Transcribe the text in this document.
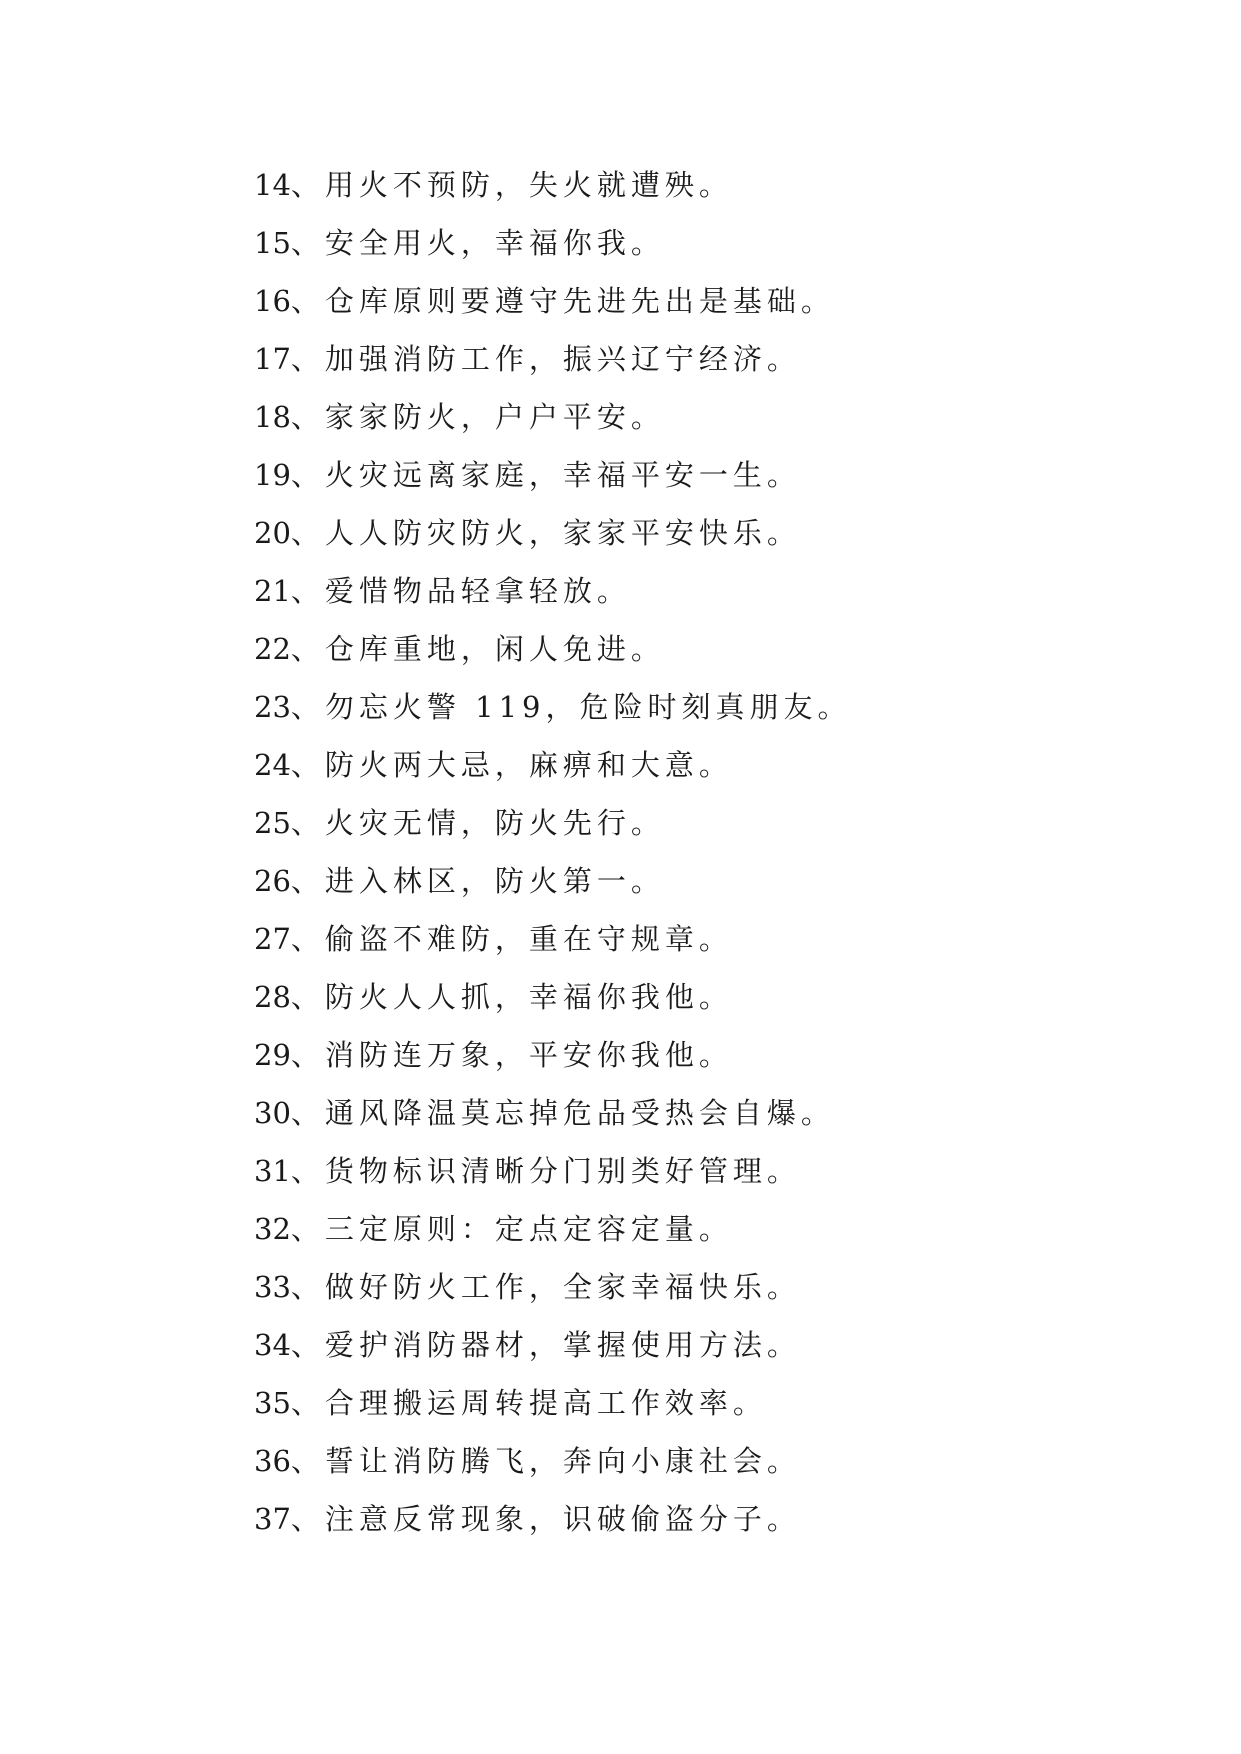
14 、 用火不预防，失火就遭殃。
15 、 安全用火，幸福你我。
16 、 仓库原则要遵守先进先出是基础。
17 、 加强消防工作，振兴辽宁经济。
18 、 家家防火，户户平安。
19 、 火灾远离家庭，幸福平安一生。
20 、 人人防灾防火，家家平安快乐。
21 、 爱惜物品轻拿轻放。
22 、 仓库重地，闲人免进。
23 、 勿忘火警 119，危险时刻真朋友。
24 、 防火两大忌，麻痹和大意。
25 、 火灾无情，防火先行。
26 、 进入林区，防火第一。
27 、 偷盗不难防，重在守规章。
28 、 防火人人抓，幸福你我他。
29 、 消防连万象，平安你我他。
30 、 通风降温莫忘掉危品受热会自爆。
31 、 货物标识清晰分门别类好管理。
32 、 三定原则：定点定容定量。
33 、 做好防火工作，全家幸福快乐。
34 、 爱护消防器材，掌握使用方法。
35 、 合理搬运周转提高工作效率。
36 、 誓让消防腾飞，奔向小康社会。
37 、 注意反常现象，识破偷盗分子。
